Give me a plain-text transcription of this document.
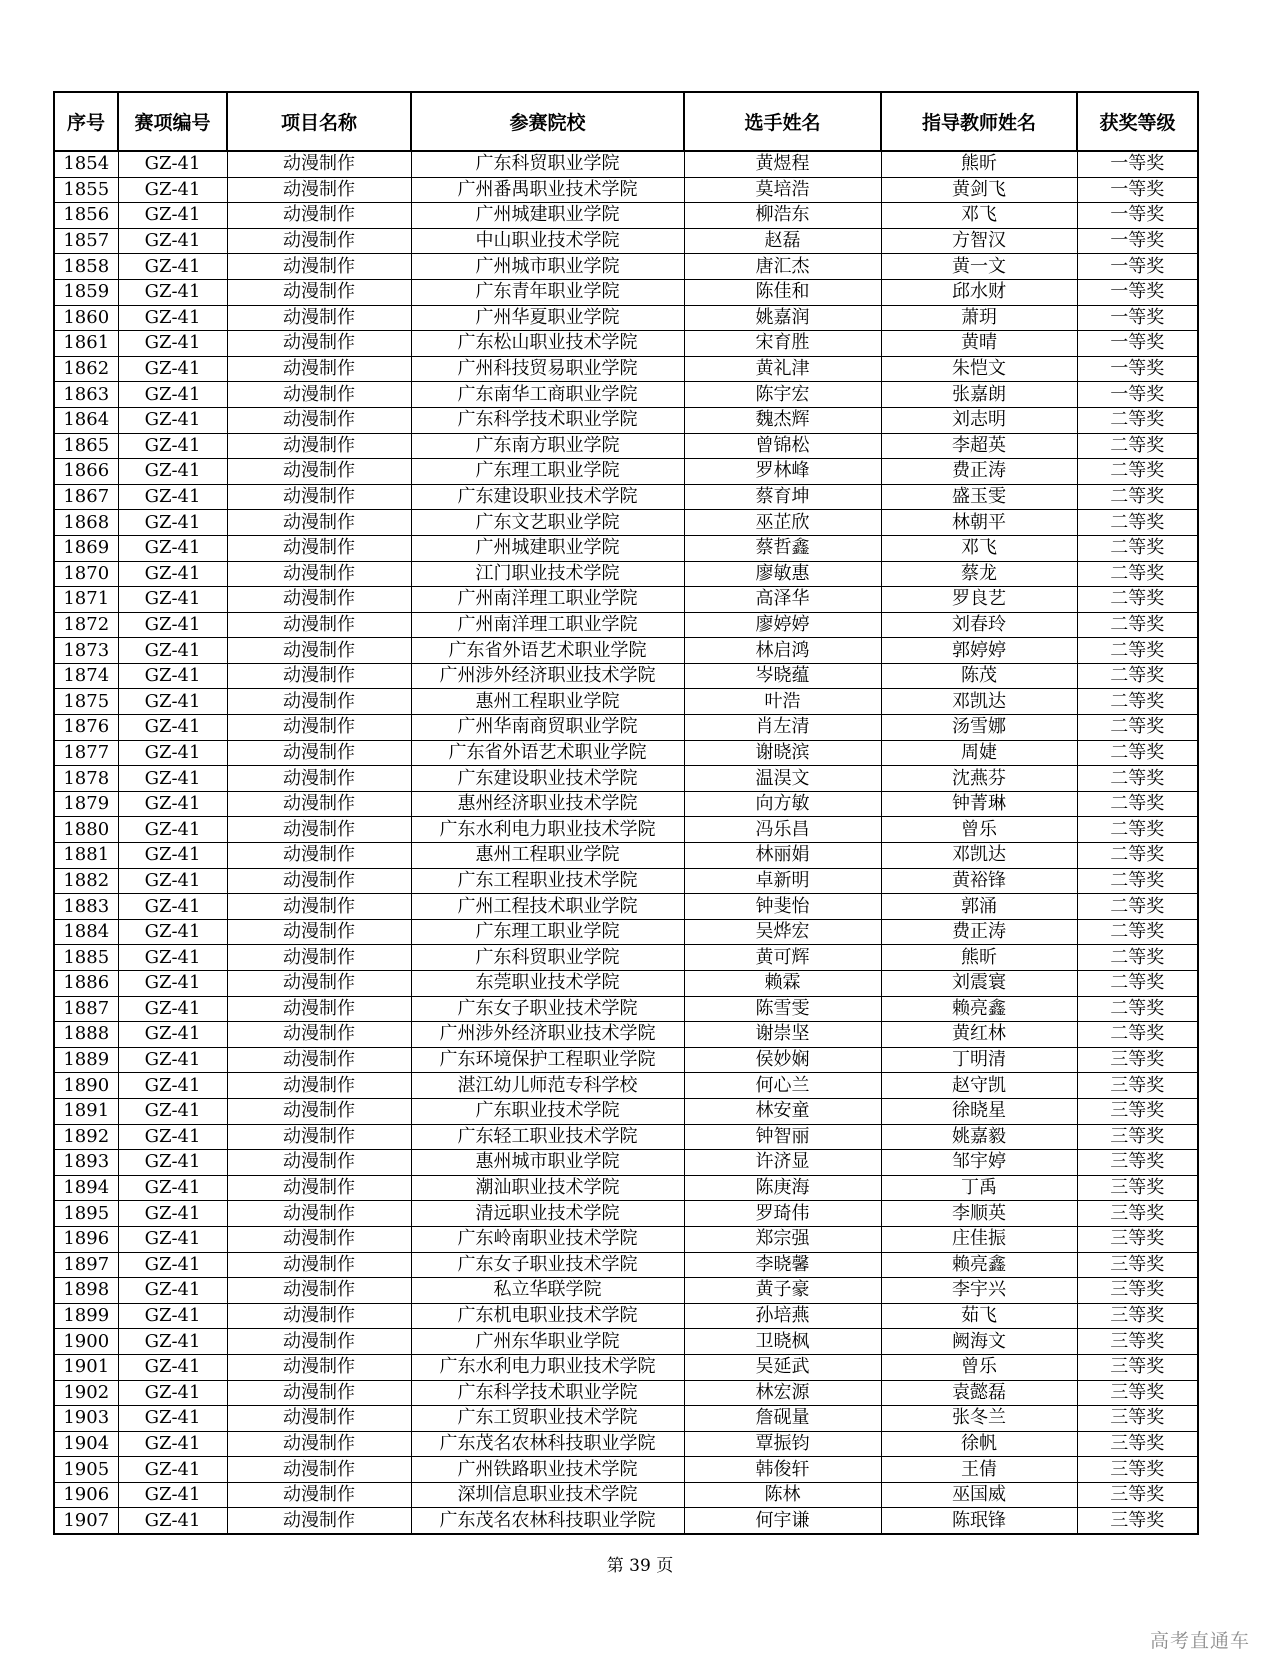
序号	赛项编号	项目名称	参赛院校	选手姓名	指导教师姓名	获奖等级
1854	GZ-41	动漫制作	广东科贸职业学院	黄煜程	熊昕	一等奖
1855	GZ-41	动漫制作	广州番禺职业技术学院	莫培浩	黄剑飞	一等奖
1856	GZ-41	动漫制作	广州城建职业学院	柳浩东	邓飞	一等奖
1857	GZ-41	动漫制作	中山职业技术学院	赵磊	方智汉	一等奖
1858	GZ-41	动漫制作	广州城市职业学院	唐汇杰	黄一文	一等奖
1859	GZ-41	动漫制作	广东青年职业学院	陈佳和	邱水财	一等奖
1860	GZ-41	动漫制作	广州华夏职业学院	姚嘉润	萧玥	一等奖
1861	GZ-41	动漫制作	广东松山职业技术学院	宋育胜	黄晴	一等奖
1862	GZ-41	动漫制作	广州科技贸易职业学院	黄礼津	朱恺文	一等奖
1863	GZ-41	动漫制作	广东南华工商职业学院	陈宇宏	张嘉朗	一等奖
1864	GZ-41	动漫制作	广东科学技术职业学院	魏杰辉	刘志明	二等奖
1865	GZ-41	动漫制作	广东南方职业学院	曾锦松	李超英	二等奖
1866	GZ-41	动漫制作	广东理工职业学院	罗林峰	费正涛	二等奖
1867	GZ-41	动漫制作	广东建设职业技术学院	蔡育坤	盛玉雯	二等奖
1868	GZ-41	动漫制作	广东文艺职业学院	巫芷欣	林朝平	二等奖
1869	GZ-41	动漫制作	广州城建职业学院	蔡哲鑫	邓飞	二等奖
1870	GZ-41	动漫制作	江门职业技术学院	廖敏惠	蔡龙	二等奖
1871	GZ-41	动漫制作	广州南洋理工职业学院	高泽华	罗良艺	二等奖
1872	GZ-41	动漫制作	广州南洋理工职业学院	廖婷婷	刘春玲	二等奖
1873	GZ-41	动漫制作	广东省外语艺术职业学院	林启鸿	郭婷婷	二等奖
1874	GZ-41	动漫制作	广州涉外经济职业技术学院	岑晓蕴	陈茂	二等奖
1875	GZ-41	动漫制作	惠州工程职业学院	叶浩	邓凯达	二等奖
1876	GZ-41	动漫制作	广州华南商贸职业学院	肖左清	汤雪娜	二等奖
1877	GZ-41	动漫制作	广东省外语艺术职业学院	谢晓滨	周婕	二等奖
1878	GZ-41	动漫制作	广东建设职业技术学院	温淏文	沈燕芬	二等奖
1879	GZ-41	动漫制作	惠州经济职业技术学院	向方敏	钟菁琳	二等奖
1880	GZ-41	动漫制作	广东水利电力职业技术学院	冯乐昌	曾乐	二等奖
1881	GZ-41	动漫制作	惠州工程职业学院	林丽娟	邓凯达	二等奖
1882	GZ-41	动漫制作	广东工程职业技术学院	卓新明	黄裕锋	二等奖
1883	GZ-41	动漫制作	广州工程技术职业学院	钟斐怡	郭涌	二等奖
1884	GZ-41	动漫制作	广东理工职业学院	吴烨宏	费正涛	二等奖
1885	GZ-41	动漫制作	广东科贸职业学院	黄可辉	熊昕	二等奖
1886	GZ-41	动漫制作	东莞职业技术学院	赖霖	刘震寰	二等奖
1887	GZ-41	动漫制作	广东女子职业技术学院	陈雪雯	赖亮鑫	二等奖
1888	GZ-41	动漫制作	广州涉外经济职业技术学院	谢崇坚	黄红林	二等奖
1889	GZ-41	动漫制作	广东环境保护工程职业学院	侯妙娴	丁明清	三等奖
1890	GZ-41	动漫制作	湛江幼儿师范专科学校	何心兰	赵守凯	三等奖
1891	GZ-41	动漫制作	广东职业技术学院	林安童	徐晓星	三等奖
1892	GZ-41	动漫制作	广东轻工职业技术学院	钟智丽	姚嘉毅	三等奖
1893	GZ-41	动漫制作	惠州城市职业学院	许济显	邹宇婷	三等奖
1894	GZ-41	动漫制作	潮汕职业技术学院	陈庚海	丁禹	三等奖
1895	GZ-41	动漫制作	清远职业技术学院	罗琦伟	李顺英	三等奖
1896	GZ-41	动漫制作	广东岭南职业技术学院	郑宗强	庄佳振	三等奖
1897	GZ-41	动漫制作	广东女子职业技术学院	李晓馨	赖亮鑫	三等奖
1898	GZ-41	动漫制作	私立华联学院	黄子豪	李宇兴	三等奖
1899	GZ-41	动漫制作	广东机电职业技术学院	孙培燕	茹飞	三等奖
1900	GZ-41	动漫制作	广州东华职业学院	卫晓枫	阙海文	三等奖
1901	GZ-41	动漫制作	广东水利电力职业技术学院	吴延武	曾乐	三等奖
1902	GZ-41	动漫制作	广东科学技术职业学院	林宏源	袁懿磊	三等奖
1903	GZ-41	动漫制作	广东工贸职业技术学院	詹砚量	张冬兰	三等奖
1904	GZ-41	动漫制作	广东茂名农林科技职业学院	覃振钧	徐帆	三等奖
1905	GZ-41	动漫制作	广州铁路职业技术学院	韩俊轩	王倩	三等奖
1906	GZ-41	动漫制作	深圳信息职业技术学院	陈林	巫国威	三等奖
1907	GZ-41	动漫制作	广东茂名农林科技职业学院	何宇谦	陈珉锋	三等奖
第 39 页
高考直通车
